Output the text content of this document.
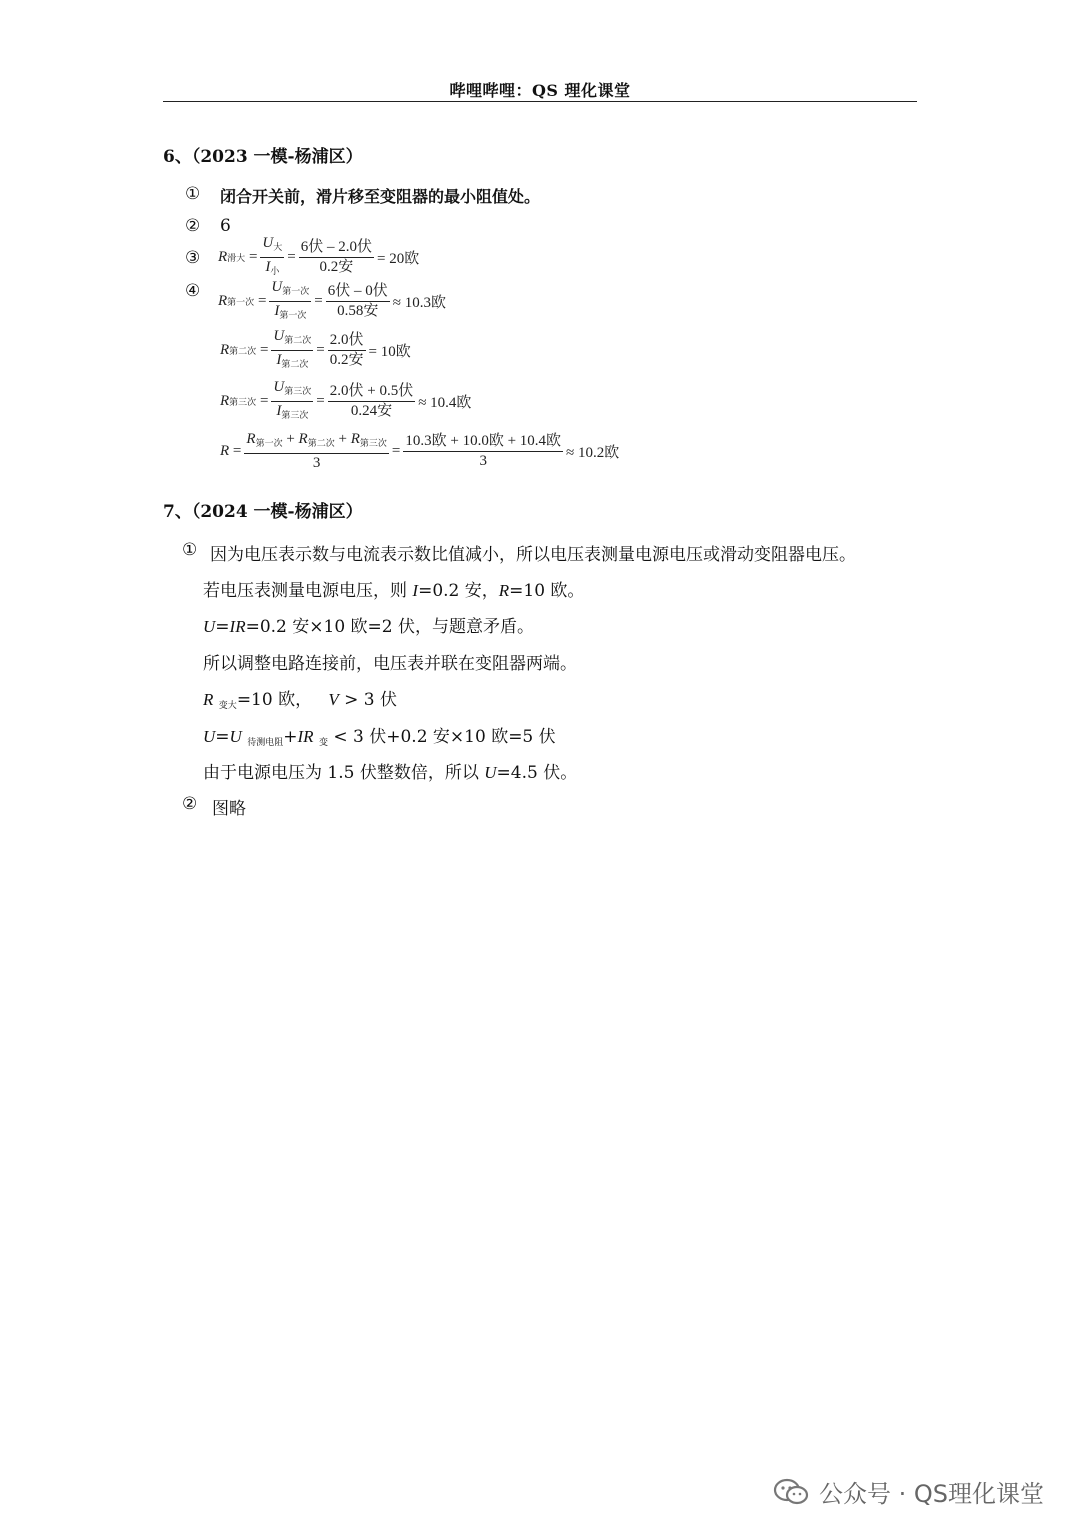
哔哩哔哩：QS 理化课堂
6、（2023 一模-杨浦区）
① 闭合开关前，滑片移至变阻器的最小阻值处。
② 6
③ R 滑大 = $\frac{U_大}{I_小} = \frac{\text{6伏 – 2.0伏}}{\text{0.2安}} = 20$欧
④ R 第一次 = $\frac{U_{第一次}}{I_{第一次}} = \frac{\text{6伏 – 0伏}}{\text{0.58安}} \approx 10.3$欧
R 第二次 = $\frac{U_{第二次}}{I_{第二次}} = \frac{\text{2.0伏}}{\text{0.2安}} = 10$欧
R 第三次 = $\frac{U_{第三次}}{I_{第三次}} = \frac{\text{2.0伏 + 0.5伏}}{\text{0.24安}} \approx 10.4$欧
$R = \frac{R_{第一次} + R_{第二次} + R_{第三次}}{3} = \frac{\text{10.3欧 + 10.0欧 + 10.4欧}}{3} \approx 10.2$欧
7、（2024 一模-杨浦区）
① 因为电压表示数与电流表示数比值减小，所以电压表测量电源电压或滑动变阻器电压。
若电压表测量电源电压，则 I=0.2 安，R=10 欧。
U=IR=0.2 安×10 欧=2 伏，与题意矛盾。
所以调整电路连接前，电压表并联在变阻器两端。
R $_{变大}$=10 欧， V > 3 伏
U=U $_{待测电阻}$+IR $_变$ < 3 伏+0.2 安×10 欧=5 伏
由于电源电压为 1.5 伏整数倍，所以 U=4.5 伏。
② 图略
公众号 · QS理化课堂
